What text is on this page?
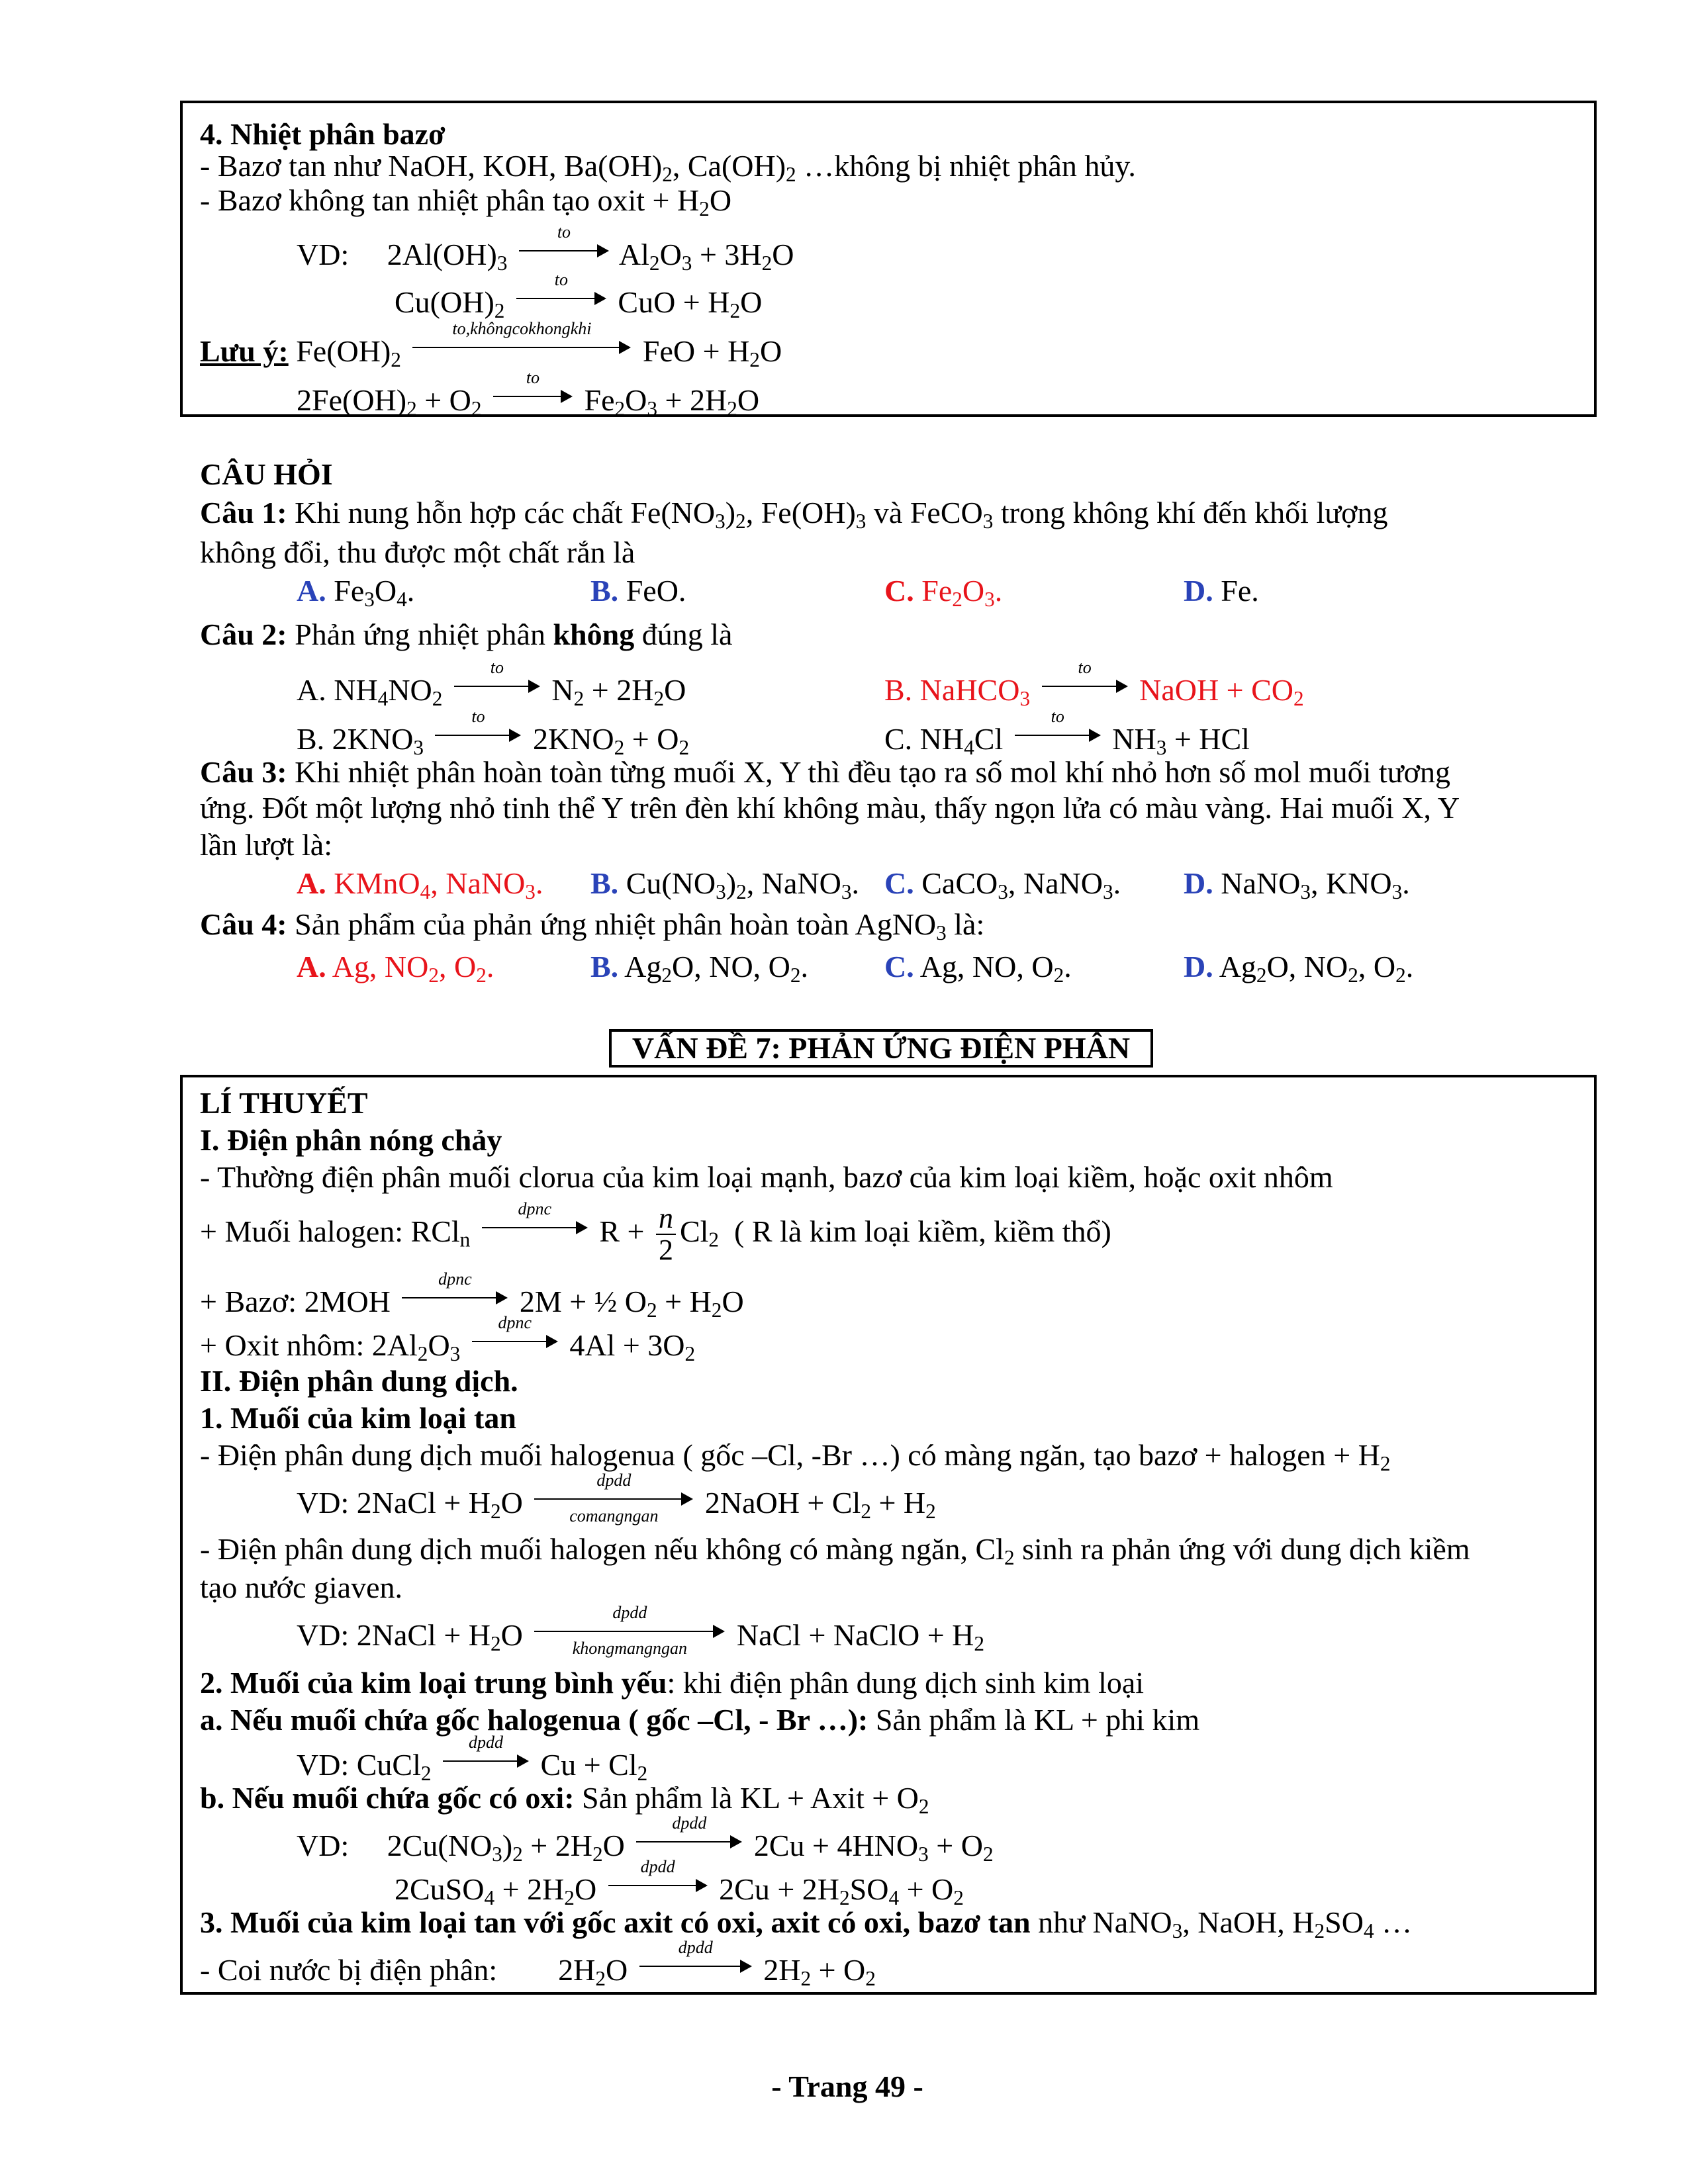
4. Nhiệt phân bazơ
- Bazơ tan như NaOH, KOH, $Ba(OH)_2$, $Ca(OH)_2$ …không bị nhiệt phân hủy.
- Bazơ không tan nhiệt phân tạo oxit + $H_2O$
VD:     $2Al(OH)_3$
to
$Al_2O_3 + 3H_2O$
$Cu(OH)_2$
to
CuO + $H_2O$
Lưu ý: $Fe(OH)_2$
to,khôngcokhongkhi
FeO + $H_2O$
$2Fe(OH)_2 + O_2$
to
$Fe_2O_3 + 2H_2O$
CÂU HỎI
Câu 1: Khi nung hỗn hợp các chất $Fe(NO_3)_2$, $Fe(OH)_3$ và FeCO$_3$ trong không khí đến khối lượng
không đổi, thu được một chất rắn là
A. $Fe_3O_4$.	B. FeO.	C. $Fe_2O_3$.	D. Fe.
Câu 2: Phản ứng nhiệt phân không đúng là
A. $NH_4NO_2$
to
$N_2 + 2H_2O$	B. NaHCO$_3$
to
NaOH + $CO_2$
B. $2KNO_3$
to
$2KNO_2 + O_2$	C. $NH_4Cl$
to
$NH_3$ + HCl
Câu 3: Khi nhiệt phân hoàn toàn từng muối X, Y thì đều tạo ra số mol khí nhỏ hơn số mol muối tương
ứng. Đốt một lượng nhỏ tinh thể Y trên đèn khí không màu, thấy ngọn lửa có màu vàng. Hai muối X, Y
lần lượt là:
A. KMnO$_4$, NaNO$_3$. B. $Cu(NO_3)_2$, NaNO$_3$. C. CaCO$_3$, NaNO$_3$. D. NaNO$_3$, $KNO_3$.
Câu 4: Sản phẩm của phản ứng nhiệt phân hoàn toàn AgNO$_3$ là:
A. Ag, $NO_2$, $O_2$.	B. $Ag_2O$, NO, $O_2$. C. Ag, NO, $O_2$.	D. $Ag_2O$, $NO_2$, $O_2$.
VẤN ĐỀ 7: PHẢN ỨNG ĐIỆN PHÂN
LÍ THUYẾT
I. Điện phân nóng chảy
- Thường điện phân muối clorua của kim loại mạnh, bazơ của kim loại kiềm, hoặc oxit nhôm
+ Muối halogen: RCl$_n$
dpnc
$R + \frac{n}{2} Cl_2$ ( R là kim loại kiềm, kiềm thổ)
+ Bazơ: 2MOH
dpnc
2M + ½ $O_2 + H_2O$
+ Oxit nhôm: $2Al_2O_3$
dpnc
$4Al + 3O_2$
II. Điện phân dung dịch.
1. Muối của kim loại tan
- Điện phân dung dịch muối halogenua ( gốc –Cl, -Br …) có màng ngăn, tạo bazơ + halogen + $H_2$
VD: 2NaCl + $H_2O$
dpdd
comangngan	2NaOH + $Cl_2 + H_2$
- Điện phân dung dịch muối halogen nếu không có màng ngăn, $Cl_2$ sinh ra phản ứng với dung dịch kiềm
tạo nước giaven.
VD: 2NaCl + $H_2O$
dpdd
khongmangngan	NaCl + NaClO + $H_2$
2. Muối của kim loại trung bình yếu: khi điện phân dung dịch sinh kim loại
a. Nếu muối chứa gốc halogenua ( gốc –Cl, - Br …): Sản phẩm là KL + phi kim
VD: CuCl$_2$
dpdd
$Cu + Cl_2$
b. Nếu muối chứa gốc có oxi: Sản phẩm là KL + Axit + $O_2$
VD:     $2Cu(NO_3)_2 + 2H_2O$
dpdd
$2Cu + 4HNO_3 + O_2$
2CuSO$_4$ + $2H_2O$
dpdd
$2Cu + 2H_2SO_4 + O_2$
3. Muối của kim loại tan với gốc axit có oxi, axit có oxi, bazơ tan như NaNO$_3$, NaOH, $H_2SO_4$ …
- Coi nước bị điện phân:        $2H_2O$
dpdd
$2H_2 + O_2$
- Trang 49 -
